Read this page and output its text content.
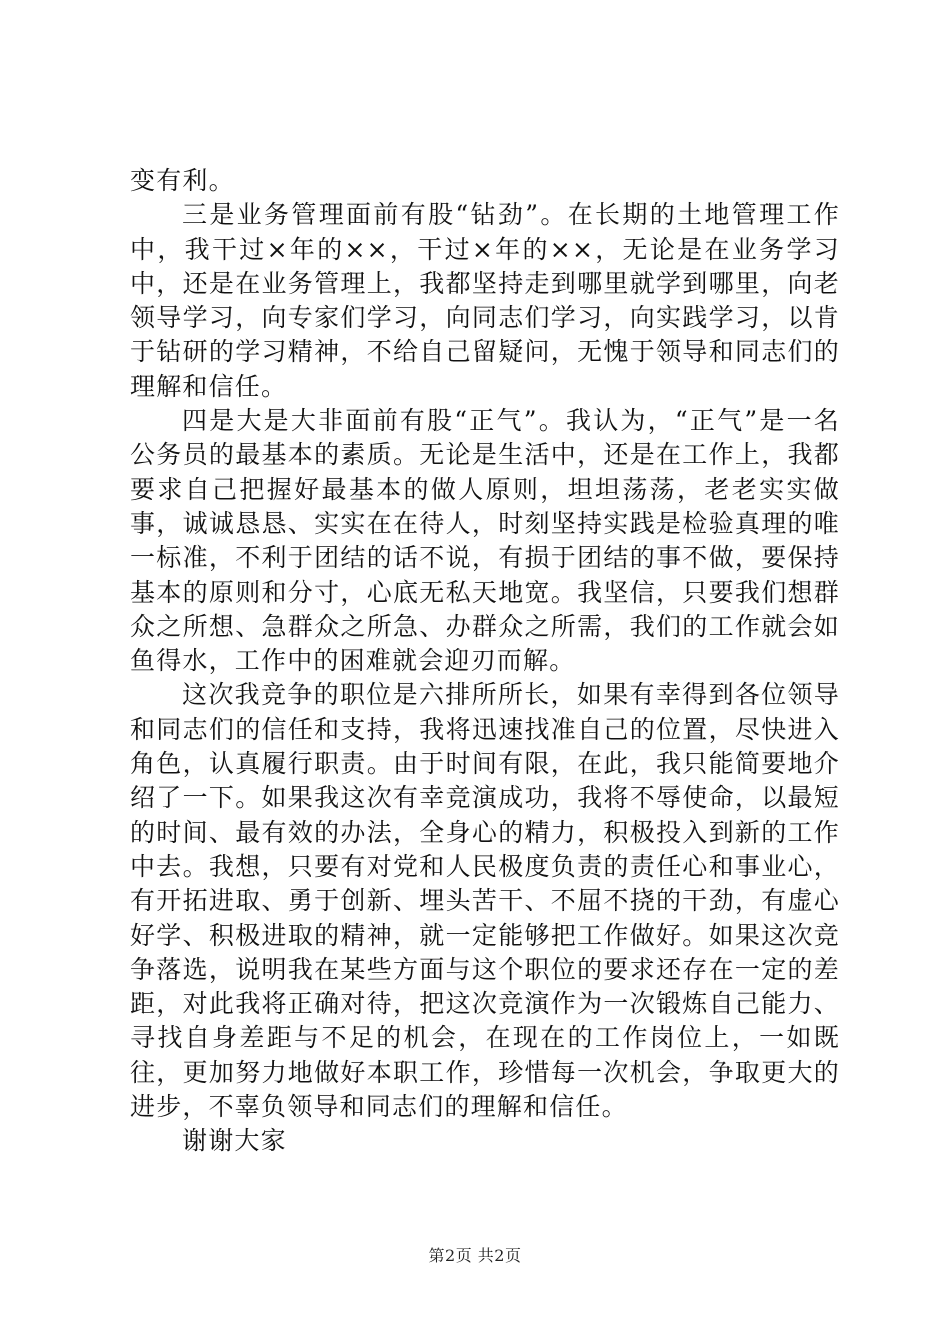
变有利。

三是业务管理面前有股“钻劲”。在长期的土地管理工作中，我干过×年的××，干过×年的××，无论是在业务学习中，还是在业务管理上，我都坚持走到哪里就学到哪里，向老领导学习，向专家们学习，向同志们学习，向实践学习，以肯于钻研的学习精神，不给自己留疑问，无愧于领导和同志们的理解和信任。

四是大是大非面前有股“正气”。我认为，“正气”是一名公务员的最基本的素质。无论是生活中，还是在工作上，我都要求自己把握好最基本的做人原则，坦坦荡荡，老老实实做事，诚诚恳恳、实实在在待人，时刻坚持实践是检验真理的唯一标准，不利于团结的话不说，有损于团结的事不做，要保持基本的原则和分寸，心底无私天地宽。我坚信，只要我们想群众之所想、急群众之所急、办群众之所需，我们的工作就会如鱼得水，工作中的困难就会迎刃而解。

这次我竞争的职位是六排所所长，如果有幸得到各位领导和同志们的信任和支持，我将迅速找准自己的位置，尽快进入角色，认真履行职责。由于时间有限，在此，我只能简要地介绍了一下。如果我这次有幸竞演成功，我将不辱使命，以最短的时间、最有效的办法，全身心的精力，积极投入到新的工作中去。我想，只要有对党和人民极度负责的责任心和事业心，有开拓进取、勇于创新、埋头苦干、不屈不挠的干劲，有虚心好学、积极进取的精神，就一定能够把工作做好。如果这次竞争落选，说明我在某些方面与这个职位的要求还存在一定的差距，对此我将正确对待，把这次竞演作为一次锻炼自己能力、寻找自身差距与不足的机会，在现在的工作岗位上，一如既往，更加努力地做好本职工作，珍惜每一次机会，争取更大的进步，不辜负领导和同志们的理解和信任。

谢谢大家

第2页 共2页
